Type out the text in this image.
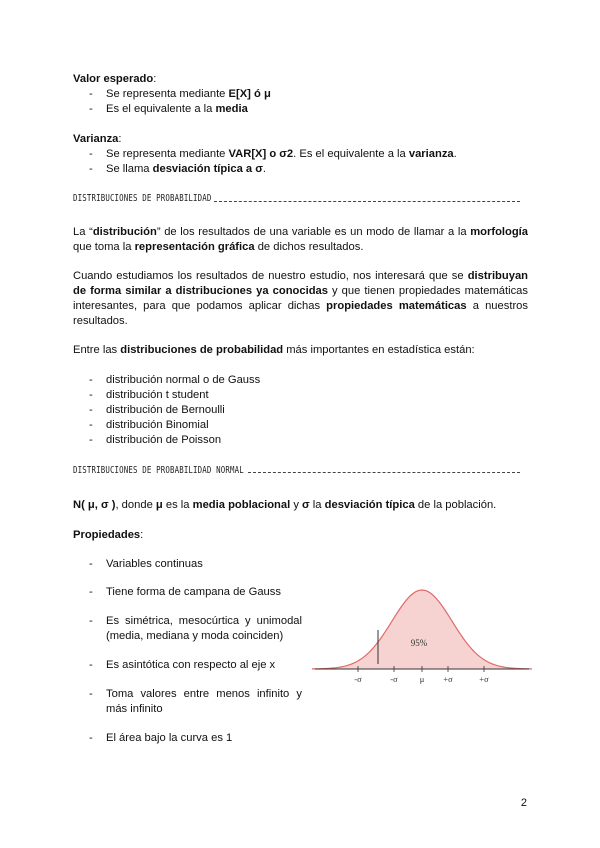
Valor esperado:
- Se representa mediante E[X] ó μ
- Es el equivalente a la media
Varianza:
- Se representa mediante VAR[X] o σ2. Es el equivalente a la varianza.
- Se llama desviación típica a σ.
DISTRIBUCIONES DE PROBABILIDAD
La “distribución” de los resultados de una variable es un modo de llamar a la morfología que toma la representación gráfica de dichos resultados.
Cuando estudiamos los resultados de nuestro estudio, nos interesará que se distribuyan de forma similar a distribuciones ya conocidas y que tienen propiedades matemáticas interesantes, para que podamos aplicar dichas propiedades matemáticas a nuestros resultados.
Entre las distribuciones de probabilidad más importantes en estadística están:
- distribución normal o de Gauss
- distribución t student
- distribución de Bernoulli
- distribución Binomial
- distribución de Poisson
DISTRIBUCIONES DE PROBABILIDAD NORMAL
N( μ, σ ), donde μ es la media poblacional y σ la desviación típica de la población.
Propiedades:
- Variables continuas
- Tiene forma de campana de Gauss
- Es simétrica, mesocúrtica y unimodal
(media, mediana y moda coinciden)
- Es asintótica con respecto al eje x
- Toma valores entre menos infinito y
más infinito
- El área bajo la curva es 1
95%
-σ	-σ	μ +σ	+σ
2
